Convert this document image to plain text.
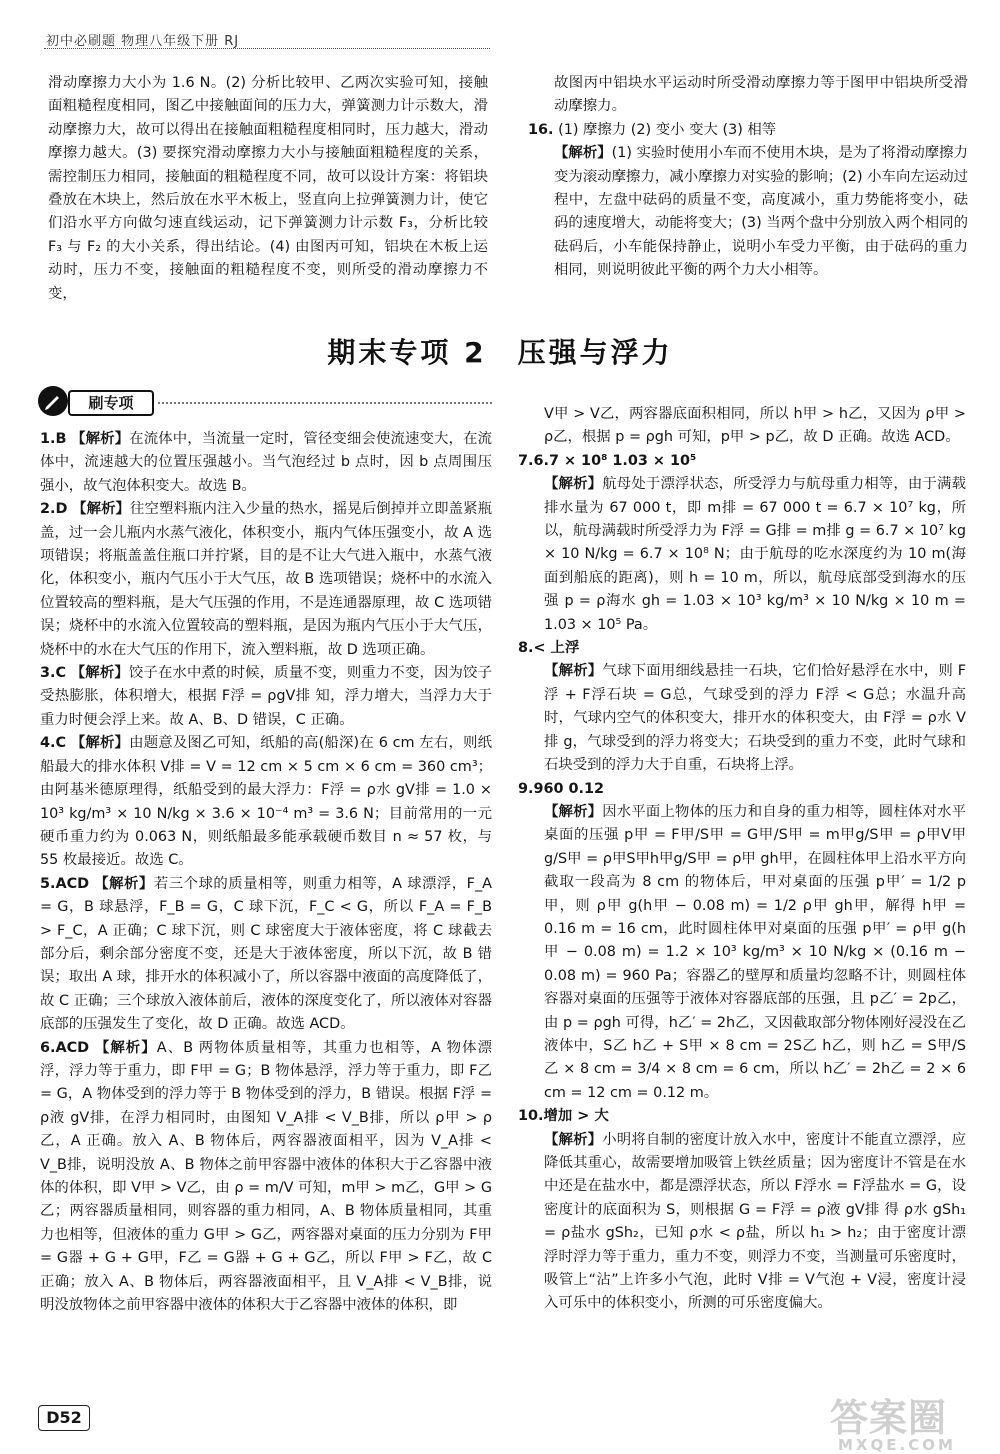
初中必刷题 物理八年级下册 RJ

滑动摩擦力大小为 1.6 N。(2) 分析比较甲、乙两次实验可知，接触面粗糙程度相同，图乙中接触面间的压力大，弹簧测力计示数大，滑动摩擦力大，故可以得出在接触面粗糙程度相同时，压力越大，滑动摩擦力越大。(3) 要探究滑动摩擦力大小与接触面粗糙程度的关系，需控制压力相同，接触面的粗糙程度不同，故可以设计方案：将铝块叠放在木块上，然后放在水平木板上，竖直向上拉弹簧测力计，使它们沿水平方向做匀速直线运动，记下弹簧测力计示数 F₃，分析比较 F₃ 与 F₂ 的大小关系，得出结论。(4) 由图丙可知，铝块在木板上运动时，压力不变，接触面的粗糙程度不变，则所受的滑动摩擦力不变，

故图丙中铝块水平运动时所受滑动摩擦力等于图甲中铝块所受滑动摩擦力。

16. (1) 摩擦力 (2) 变小 变大 (3) 相等

【解析】(1) 实验时使用小车而不使用木块，是为了将滑动摩擦力变为滚动摩擦力，减小摩擦力对实验的影响；(2) 小车向左运动过程中，左盘中砝码的质量不变，高度减小，重力势能将变小，砝码的速度增大，动能将变大；(3) 当两个盘中分别放入两个相同的砝码后，小车能保持静止，说明小车受力平衡，由于砝码的重力相同，则说明彼此平衡的两个力大小相等。

期末专项 2　压强与浮力
刷专项

1.B 【解析】在流体中，当流量一定时，管径变细会使流速变大，在流体中，流速越大的位置压强越小。当气泡经过 b 点时，因 b 点周围压强小，故气泡体积变大。故选 B。

2.D 【解析】往空塑料瓶内注入少量的热水，摇晃后倒掉并立即盖紧瓶盖，过一会儿瓶内水蒸气液化，体积变小，瓶内气体压强变小，故 A 选项错误；将瓶盖盖住瓶口并拧紧，目的是不让大气进入瓶中，水蒸气液化，体积变小，瓶内气压小于大气压，故 B 选项错误；烧杯中的水流入位置较高的塑料瓶，是大气压强的作用，不是连通器原理，故 C 选项错误；烧杯中的水流入位置较高的塑料瓶，是因为瓶内气压小于大气压，烧杯中的水在大气压的作用下，流入塑料瓶，故 D 选项正确。

3.C 【解析】饺子在水中煮的时候，质量不变，则重力不变，因为饺子受热膨胀，体积增大，根据 F浮 = ρgV排 知，浮力增大，当浮力大于重力时便会浮上来。故 A、B、D 错误，C 正确。

4.C 【解析】由题意及图乙可知，纸船的高(船深)在 6 cm 左右，则纸船最大的排水体积 V排 = V = 12 cm × 5 cm × 6 cm = 360 cm³；由阿基米德原理得，纸船受到的最大浮力：F浮 = ρ水 gV排 = 1.0 × 10³ kg/m³ × 10 N/kg × 3.6 × 10⁻⁴ m³ = 3.6 N；目前常用的一元硬币重力约为 0.063 N，则纸船最多能承载硬币数目 n ≈ 57 枚，与 55 枚最接近。故选 C。

5.ACD 【解析】若三个球的质量相等，则重力相等，A 球漂浮，F_A = G，B 球悬浮，F_B = G，C 球下沉，F_C < G，所以 F_A = F_B > F_C，A 正确；C 球下沉，则 C 球密度大于液体密度，将 C 球截去部分后，剩余部分密度不变，还是大于液体密度，所以下沉，故 B 错误；取出 A 球，排开水的体积减小了，所以容器中液面的高度降低了，故 C 正确；三个球放入液体前后，液体的深度变化了，所以液体对容器底部的压强发生了变化，故 D 正确。故选 ACD。

6.ACD 【解析】A、B 两物体质量相等，其重力也相等，A 物体漂浮，浮力等于重力，即 F甲 = G；B 物体悬浮，浮力等于重力，即 F乙 = G，A 物体受到的浮力等于 B 物体受到的浮力，B 错误。根据 F浮 = ρ液 gV排，在浮力相同时，由图知 V_A排 < V_B排，所以 ρ甲 > ρ乙，A 正确。放入 A、B 物体后，两容器液面相平，因为 V_A排 < V_B排，说明没放 A、B 物体之前甲容器中液体的体积大于乙容器中液体的体积，即 V甲 > V乙，由 ρ = m/V 可知，m甲 > m乙，G甲 > G乙；两容器质量相同，则容器的重力相同，A、B 物体质量相同，其重力也相等，但液体的重力 G甲 > G乙，两容器对桌面的压力分别为 F甲 = G器 + G + G甲，F乙 = G器 + G + G乙，所以 F甲 > F乙，故 C 正确；放入 A、B 物体后，两容器液面相平，且 V_A排 < V_B排，说明没放物体之前甲容器中液体的体积大于乙容器中液体的体积，即

V甲 > V乙，两容器底面积相同，所以 h甲 > h乙，又因为 ρ甲 > ρ乙，根据 p = ρgh 可知，p甲 > p乙，故 D 正确。故选 ACD。

7.6.7 × 10⁸ 1.03 × 10⁵

【解析】航母处于漂浮状态，所受浮力与航母重力相等，由于满载排水量为 67 000 t，即 m排 = 67 000 t = 6.7 × 10⁷ kg，所以，航母满载时所受浮力为 F浮 = G排 = m排 g = 6.7 × 10⁷ kg × 10 N/kg = 6.7 × 10⁸ N；由于航母的吃水深度约为 10 m(海面到船底的距离)，则 h = 10 m，所以，航母底部受到海水的压强 p = ρ海水 gh = 1.03 × 10³ kg/m³ × 10 N/kg × 10 m = 1.03 × 10⁵ Pa。

8.< 上浮

【解析】气球下面用细线悬挂一石块，它们恰好悬浮在水中，则 F浮 + F浮石块 = G总，气球受到的浮力 F浮 < G总；水温升高时，气球内空气的体积变大，排开水的体积变大，由 F浮 = ρ水 V排 g，气球受到的浮力将变大；石块受到的重力不变，此时气球和石块受到的浮力大于自重，石块将上浮。

9.960 0.12

【解析】因水平面上物体的压力和自身的重力相等，圆柱体对水平桌面的压强 p甲 = F甲/S甲 = G甲/S甲 = m甲g/S甲 = ρ甲V甲g/S甲 = ρ甲S甲h甲g/S甲 = ρ甲 gh甲，在圆柱体甲上沿水平方向截取一段高为 8 cm 的物体后，甲对桌面的压强 p甲′ = 1/2 p甲，则 ρ甲 g(h甲 − 0.08 m) = 1/2 ρ甲 gh甲，解得 h甲 = 0.16 m = 16 cm，此时圆柱体甲对桌面的压强 p甲′ = ρ甲 g(h甲 − 0.08 m) = 1.2 × 10³ kg/m³ × 10 N/kg × (0.16 m − 0.08 m) = 960 Pa；容器乙的壁厚和质量均忽略不计，则圆柱体容器对桌面的压强等于液体对容器底部的压强，且 p乙′ = 2p乙，由 p = ρgh 可得，h乙′ = 2h乙，又因截取部分物体刚好浸没在乙液体中，S乙 h乙 + S甲 × 8 cm = 2S乙 h乙，则 h乙 = S甲/S乙 × 8 cm = 3/4 × 8 cm = 6 cm，所以 h乙′ = 2h乙 = 2 × 6 cm = 12 cm = 0.12 m。

10.增加 > 大

【解析】小明将自制的密度计放入水中，密度计不能直立漂浮，应降低其重心，故需要增加吸管上铁丝质量；因为密度计不管是在水中还是在盐水中，都是漂浮状态，所以 F浮水 = F浮盐水 = G，设密度计的底面积为 S，则根据 G = F浮 = ρ液 gV排 得 ρ水 gSh₁ = ρ盐水 gSh₂，已知 ρ水 < ρ盐，所以 h₁ > h₂；由于密度计漂浮时浮力等于重力，重力不变，则浮力不变，当测量可乐密度时，吸管上“沾”上许多小气泡，此时 V排 = V气泡 + V浸，密度计浸入可乐中的体积变小，所测的可乐密度偏大。

D52	答案圈
MXQE.COM
